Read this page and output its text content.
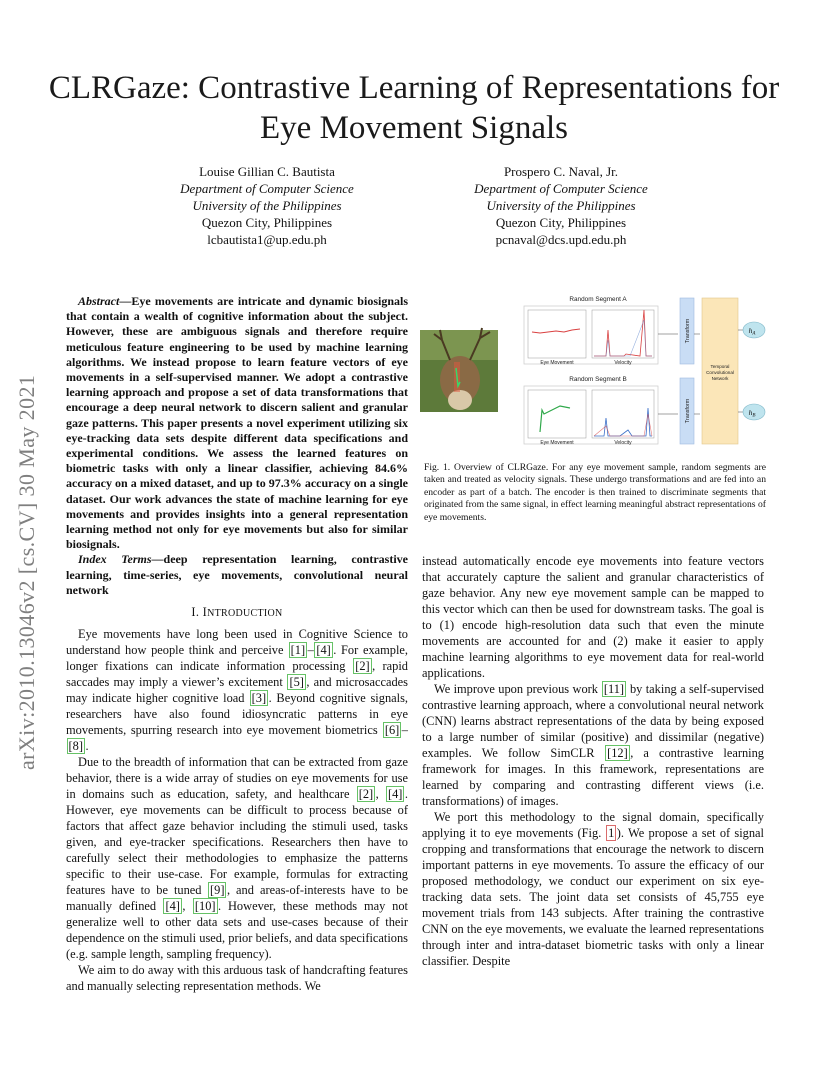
CLRGaze: Contrastive Learning of Representations for Eye Movement Signals
Louise Gillian C. Bautista
Department of Computer Science
University of the Philippines
Quezon City, Philippines
lcbautista1@up.edu.ph
Prospero C. Naval, Jr.
Department of Computer Science
University of the Philippines
Quezon City, Philippines
pcnaval@dcs.upd.edu.ph
arXiv:2010.13046v2 [cs.CV] 30 May 2021

Abstract—Eye movements are intricate and dynamic biosignals that contain a wealth of cognitive information about the subject. However, these are ambiguous signals and therefore require meticulous feature engineering to be used by machine learning algorithms. We instead propose to learn feature vectors of eye movements in a self-supervised manner. We adopt a contrastive learning approach and propose a set of data transformations that encourage a deep neural network to discern salient and granular gaze patterns. This paper presents a novel experiment utilizing six eye-tracking data sets despite different data specifications and experimental conditions. We assess the learned features on biometric tasks with only a linear classifier, achieving 84.6% accuracy on a mixed dataset, and up to 97.3% accuracy on a single dataset. Our work advances the state of machine learning for eye movements and provides insights into a general representation learning method not only for eye movements but also for similar biosignals.

Index Terms—deep representation learning, contrastive learning, time-series, eye movements, convolutional neural network

I. INTRODUCTION

Eye movements have long been used in Cognitive Science to understand how people think and perceive [1] – [4] . For example, longer fixations can indicate information processing [2] , rapid saccades may imply a viewer’s excitement [5] , and microsaccades may indicate higher cognitive load [3] . Beyond cognitive signals, researchers have also found idiosyncratic patterns in eye movements, spurring research into eye movement biometrics [6] –[8] .

Due to the breadth of information that can be extracted from gaze behavior, there is a wide array of studies on eye movements for use in domains such as education, safety, and healthcare [2] , [4] . However, eye movements can be difficult to process because of factors that affect gaze behavior including the stimuli used, tasks given, and eye-tracker specifications. Researchers then have to carefully select their methodologies to emphasize the patterns specific to their use-case. For example, formulas for extracting features have to be tuned [9] , and areas-of-interests have to be manually defined [4] , [10] . However, these methods may not generalize well to other data sets and use-cases because of their dependence on the stimuli used, prior beliefs, and data specifications (e.g. sample length, sampling frequency).

We aim to do away with this arduous task of handcrafting features and manually selecting representation methods. We

Random Segment A
Random Segment B
Eye Movement	Velocity
Eye Movement	Velocity
Transform
Transform
Temporal
Convolutional
Network
$h_A$
$h_B$
Fig. 1. Overview of CLRGaze. For any eye movement sample, random segments are taken and treated as velocity signals. These undergo transformations and are fed into an encoder as part of a batch. The encoder is then trained to discriminate segments that originated from the same signal, in effect learning meaningful abstract representations of eye movements.

instead automatically encode eye movements into feature vectors that accurately capture the salient and granular characteristics of gaze behavior. Any new eye movement sample can be mapped to this vector which can then be used for downstream tasks. The goal is to (1) encode high-resolution data such that even the minute movements are accounted for and (2) make it easier to apply machine learning algorithms to eye movement data for real-world applications.

We improve upon previous work [11] by taking a self-supervised contrastive learning approach, where a convolutional neural network (CNN) learns abstract representations of the data by being exposed to a large number of similar (positive) and dissimilar (negative) examples. We follow SimCLR [12] , a contrastive learning framework for images. In this framework, representations are learned by comparing and contrasting different views (i.e. transformations) of images.

We port this methodology to the signal domain, specifically applying it to eye movements (Fig. 1 ). We propose a set of signal cropping and transformations that encourage the network to discern important patterns in eye movements. To assure the efficacy of our proposed methodology, we conduct our experiment on six eye-tracking data sets. The joint data set consists of 45,755 eye movement trials from 143 subjects. After training the contrastive CNN on the eye movements, we evaluate the learned representations through inter and intra-dataset biometric tasks with only a linear classifier. Despite
